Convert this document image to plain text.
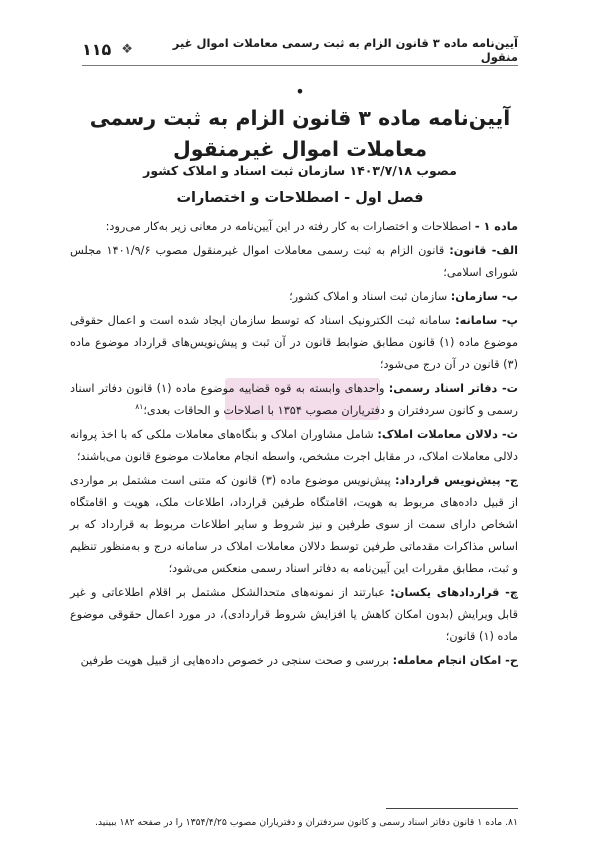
آیین‌نامه ماده ۳ قانون الزام به ثبت رسمی معاملات اموال غیر منقول
❖
۱۱۵
•
آیین‌نامه ماده ۳ قانون الزام به ثبت رسمی
معاملات اموال غیرمنقول
مصوب ۱۴۰۳/۷/۱۸ سازمان ثبت اسناد و املاک کشور
فصل اول - اصطلاحات و اختصارات

ماده ۱ - اصطلاحات و اختصارات به کار رفته در این آیین‌نامه در معانی زیر به‌کار می‌رود:

الف- قانون: قانون الزام به ثبت رسمی معاملات اموال غیرمنقول مصوب ۱۴۰۱/۹/۶ مجلس شورای اسلامی؛

ب- سازمان: سازمان ثبت اسناد و املاک کشور؛

پ- سامانه: سامانه ثبت الکترونیک اسناد که توسط سازمان ایجاد شده است و اعمال حقوقی موضوع ماده (۱) قانون مطابق ضوابط قانون در آن ثبت و پیش‌نویس‌های قرارداد موضوع ماده (۳) قانون در آن درج می‌شود؛

ت- دفاتر اسناد رسمی: واحدهای وابسته به قوه قضاییه موضوع ماده (۱) قانون دفاتر اسناد رسمی و کانون سردفتران و دفتریاران مصوب ۱۳۵۴ با اصلاحات و الحاقات بعدی؛$^{۸۱}$

ث- دلالان معاملات املاک: شامل مشاوران املاک و بنگاه‌های معاملات ملکی که با اخذ پروانه دلالی معاملات املاک، در مقابل اجرت مشخص، واسطه انجام معاملات موضوع قانون می‌باشند؛

ج- پیش‌نویس قرارداد: پیش‌نویس موضوع ماده (۳) قانون که متنی است مشتمل بر مواردی از قبیل داده‌های مربوط به هویت، اقامتگاه طرفین قرارداد، اطلاعات ملک، هویت و اقامتگاه اشخاص دارای سمت از سوی طرفین و نیز شروط و سایر اطلاعات مربوط به قرارداد که بر اساس مذاکرات مقدماتی طرفین توسط دلالان معاملات املاک در سامانه درج و به‌منظور تنظیم و ثبت، مطابق مقررات این آیین‌نامه به دفاتر اسناد رسمی منعکس می‌شود؛

چ- قراردادهای یکسان: عبارتند از نمونه‌های متحدالشکل مشتمل بر اقلام اطلاعاتی و غیر قابل ویرایش (بدون امکان کاهش یا افزایش شروط قراردادی)، در مورد اعمال حقوقی موضوع ماده (۱) قانون؛

ح- امکان انجام معامله: بررسی و صحت سنجی در خصوص داده‌هایی از قبیل هویت طرفین

۸۱. ماده ۱ قانون دفاتر اسناد رسمی و کانون سردفتران و دفتریاران مصوب ۱۳۵۴/۴/۲۵ را در صفحه ۱۸۲ ببینید.
